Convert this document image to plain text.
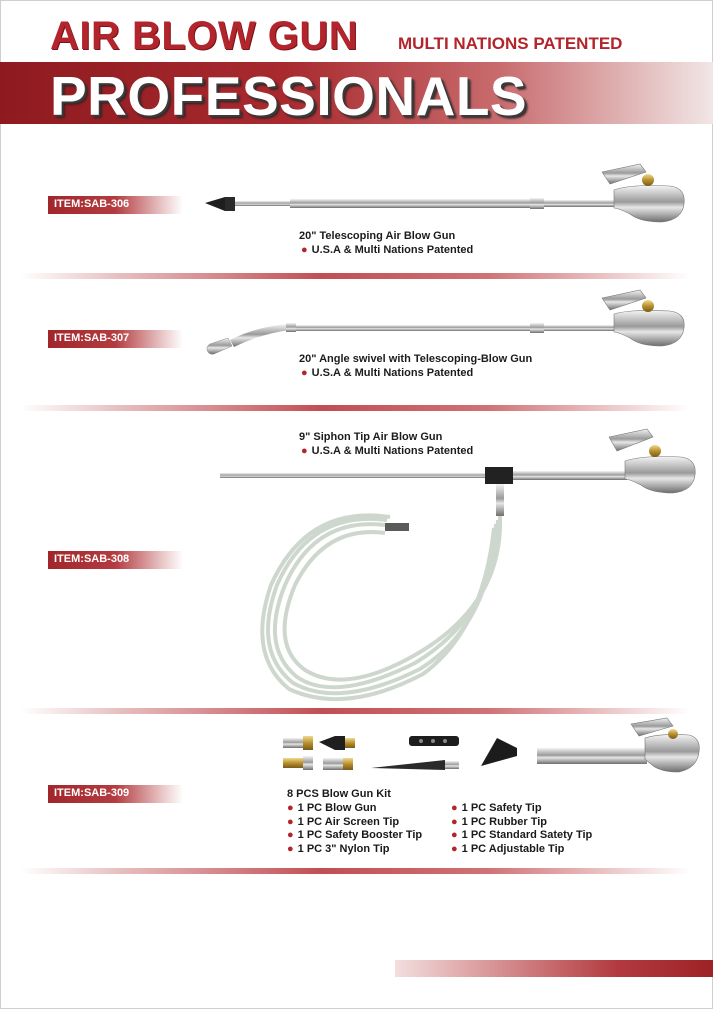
AIR BLOW GUN MULTI NATIONS PATENTED
PROFESSIONALS
ITEM:SAB-306
20" Telescoping Air Blow Gun
● U.S.A & Multi Nations Patented
ITEM:SAB-307
20" Angle swivel with Telescoping-Blow Gun
● U.S.A & Multi Nations Patented
9" Siphon Tip Air Blow Gun
● U.S.A & Multi Nations Patented
ITEM:SAB-308
ITEM:SAB-309	8 PCS Blow Gun Kit
● 1 PC Blow Gun
● 1 PC Air Screen Tip
● 1 PC Safety Booster Tip
● 1 PC 3" Nylon Tip
● 1 PC Safety Tip
● 1 PC Rubber Tip
● 1 PC Standard Satety Tip
● 1 PC Adjustable Tip
